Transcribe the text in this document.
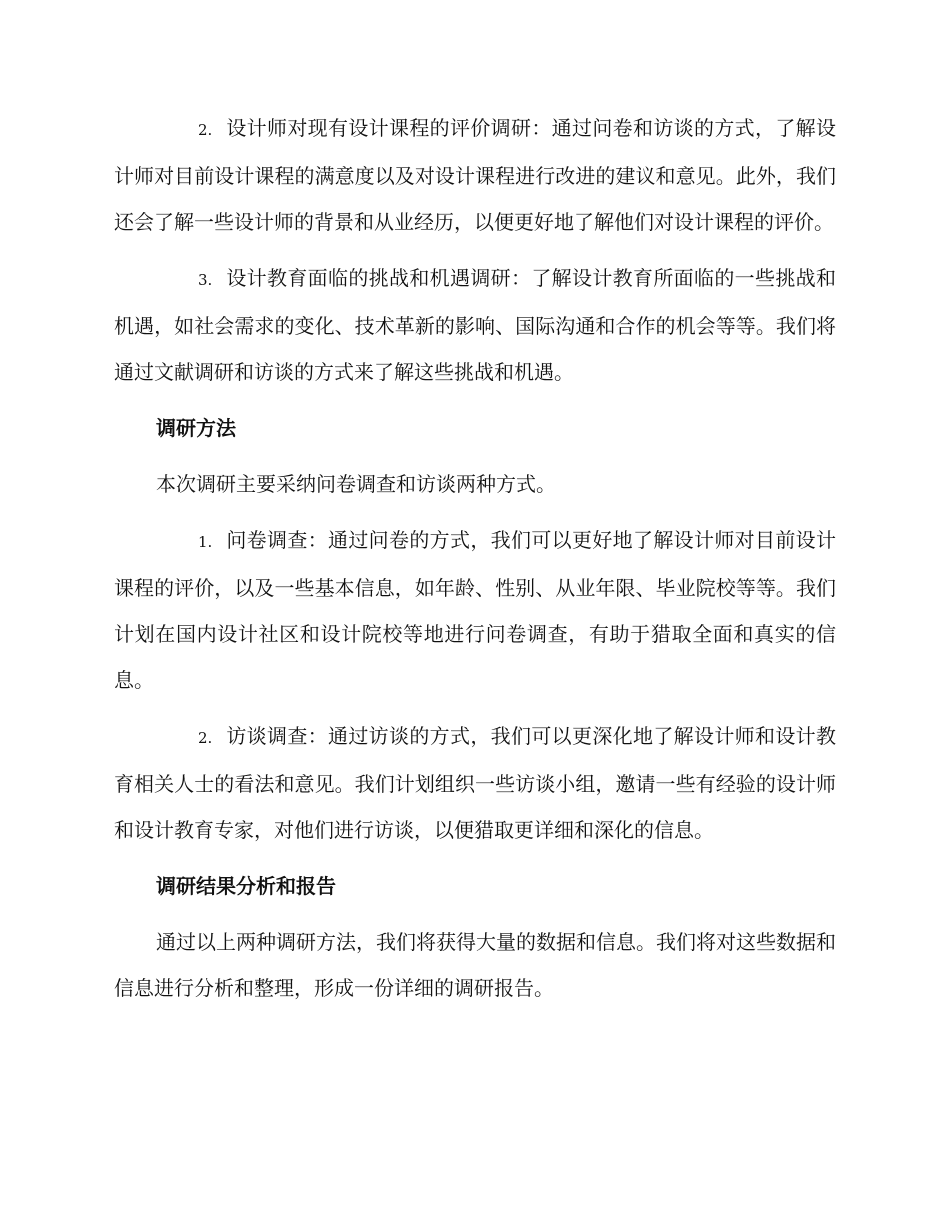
2. 设计师对现有设计课程的评价调研：通过问卷和访谈的方式，了解设计师对目前设计课程的满意度以及对设计课程进行改进的建议和意见。此外，我们还会了解一些设计师的背景和从业经历，以便更好地了解他们对设计课程的评价。

3. 设计教育面临的挑战和机遇调研：了解设计教育所面临的一些挑战和机遇，如社会需求的变化、技术革新的影响、国际沟通和合作的机会等等。我们将通过文献调研和访谈的方式来了解这些挑战和机遇。

调研方法

本次调研主要采纳问卷调查和访谈两种方式。

1. 问卷调查：通过问卷的方式，我们可以更好地了解设计师对目前设计课程的评价，以及一些基本信息，如年龄、性别、从业年限、毕业院校等等。我们计划在国内设计社区和设计院校等地进行问卷调查，有助于猎取全面和真实的信息。

2. 访谈调查：通过访谈的方式，我们可以更深化地了解设计师和设计教育相关人士的看法和意见。我们计划组织一些访谈小组，邀请一些有经验的设计师和设计教育专家，对他们进行访谈，以便猎取更详细和深化的信息。

调研结果分析和报告

通过以上两种调研方法，我们将获得大量的数据和信息。我们将对这些数据和信息进行分析和整理，形成一份详细的调研报告。
